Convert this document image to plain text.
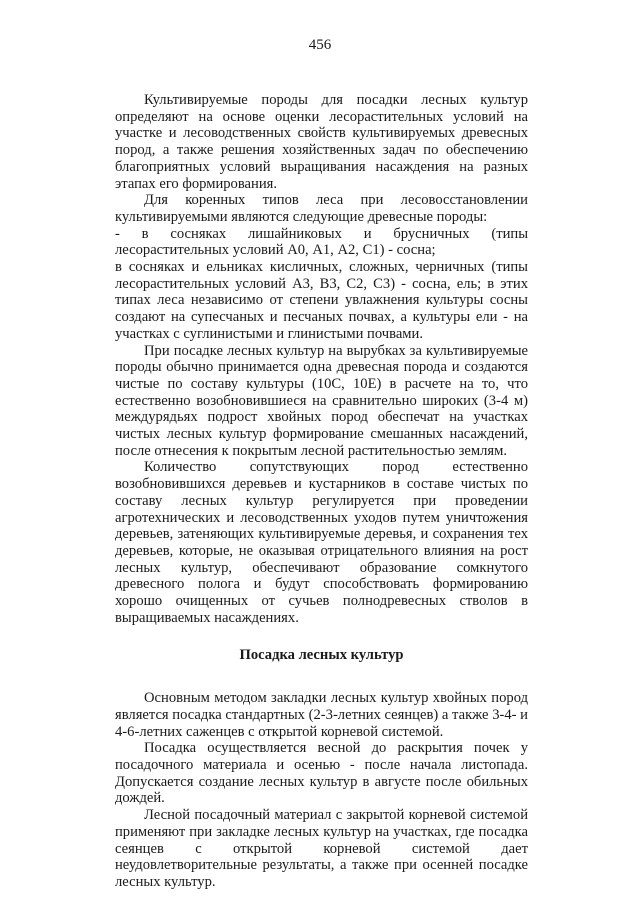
456

Культивируемые породы для посадки лесных культур определяют на основе оценки лесорастительных условий на участке и лесоводственных свойств культивируемых древесных пород, а также решения хозяйственных задач по обеспечению благоприятных условий выращивания насаждения на разных этапах его формирования.

Для коренных типов леса при лесовосстановлении культивируемыми являются следующие древесные породы:

- в сосняках лишайниковых и брусничных (типы лесорастительных условий А0, А1, А2, С1) - сосна;

в сосняках и ельниках кисличных, сложных, черничных (типы лесорастительных условий А3, В3, С2, С3) - сосна, ель; в этих типах леса независимо от степени увлажнения культуры сосны создают на супесчаных и песчаных почвах, а культуры ели - на участках с суглинистыми и глинистыми почвами.

При посадке лесных культур на вырубках за культивируемые породы обычно принимается одна древесная порода и создаются чистые по составу культуры (10С, 10Е) в расчете на то, что естественно возобновившиеся на сравнительно широких (3-4 м) междурядьях подрост хвойных пород обеспечат на участках чистых лесных культур формирование смешанных насаждений, после отнесения к покрытым лесной растительностью землям.

Количество сопутствующих пород естественно возобновившихся деревьев и кустарников в составе чистых по составу лесных культур регулируется при проведении агротехнических и лесоводственных уходов путем уничтожения деревьев, затеняющих культивируемые деревья, и сохранения тех деревьев, которые, не оказывая отрицательного влияния на рост лесных культур, обеспечивают образование сомкнутого древесного полога и будут способствовать формированию хорошо очищенных от сучьев полнодревесных стволов в выращиваемых насаждениях.

Посадка лесных культур

Основным методом закладки лесных культур хвойных пород является посадка стандартных (2-3-летних сеянцев) а также 3-4- и 4-6-летних саженцев с открытой корневой системой.

Посадка осуществляется весной до раскрытия почек у посадочного материала и осенью - после начала листопада. Допускается создание лесных культур в августе после обильных дождей.

Лесной посадочный материал с закрытой корневой системой применяют при закладке лесных культур на участках, где посадка сеянцев с открытой корневой системой дает неудовлетворительные результаты, а также при осенней посадке лесных культур.
